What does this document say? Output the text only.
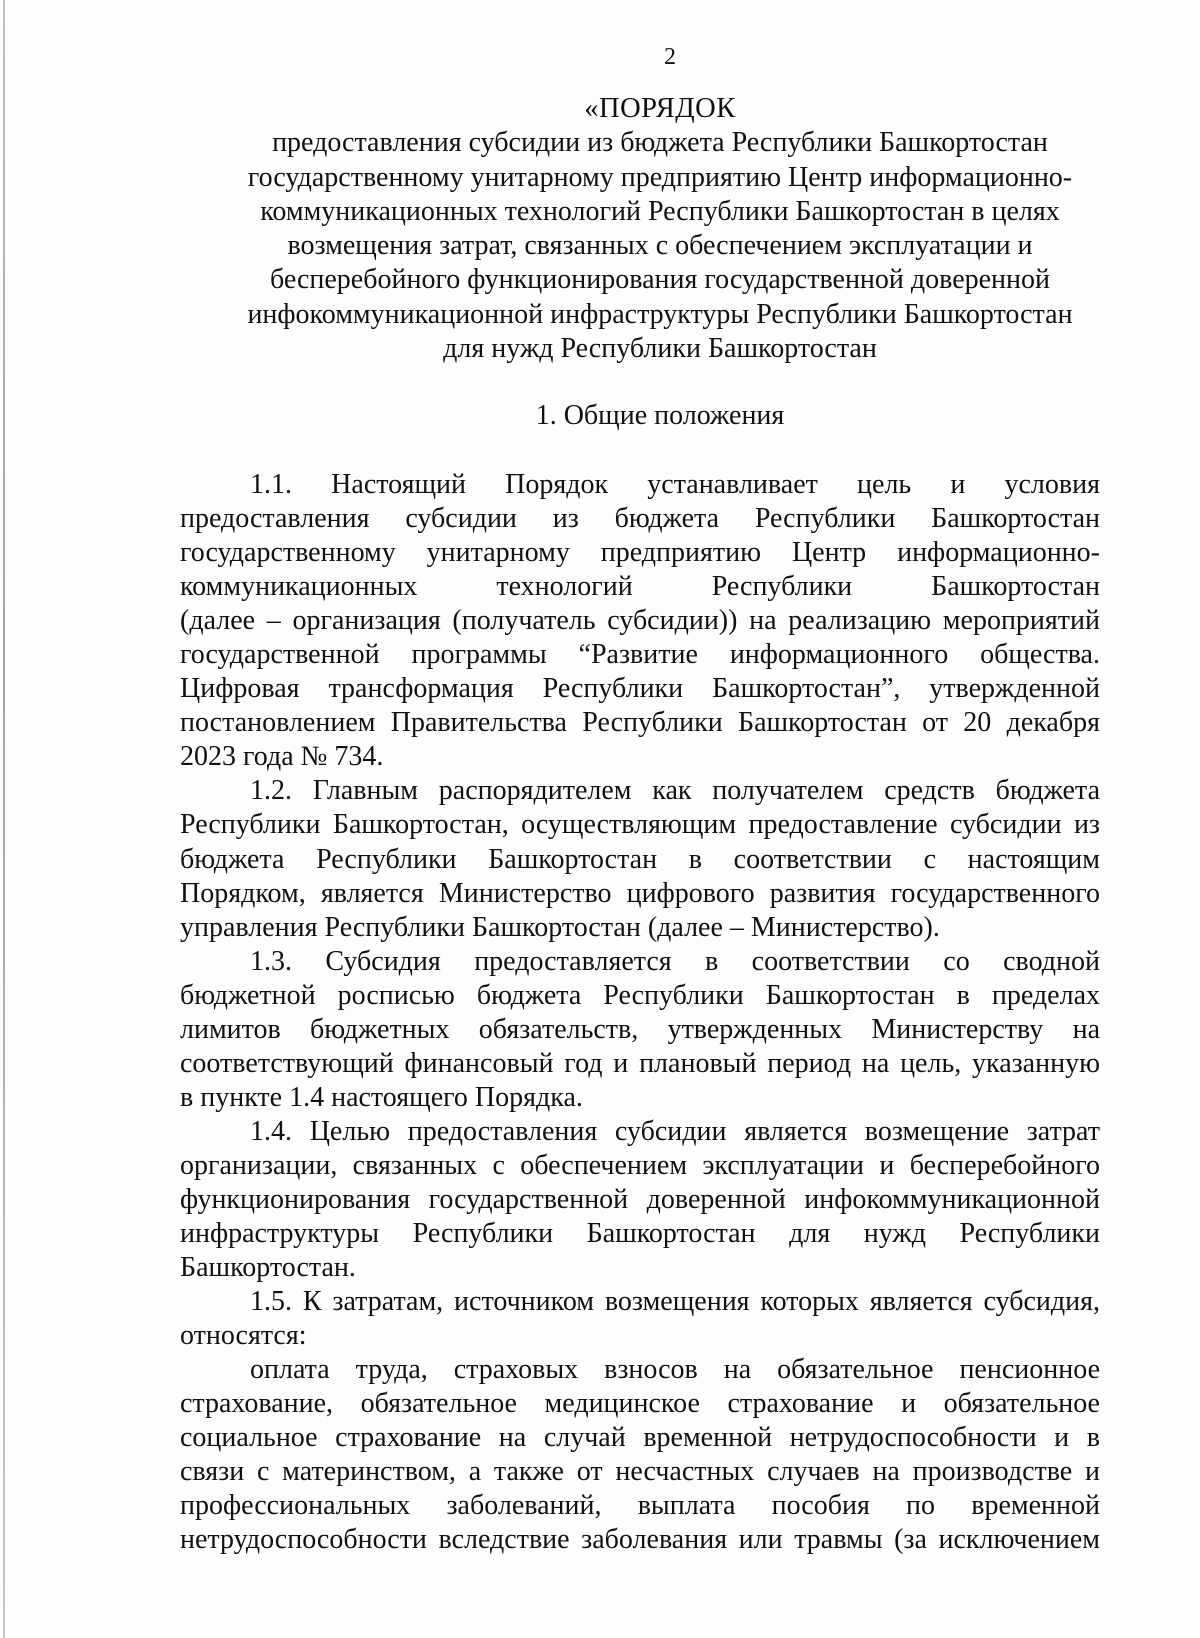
2
«ПОРЯДОК
предоставления субсидии из бюджета Республики Башкортостан
государственному унитарному предприятию Центр информационно-
коммуникационных технологий Республики Башкортостан в целях
возмещения затрат, связанных с обеспечением эксплуатации и
бесперебойного функционирования государственной доверенной
инфокоммуникационной инфраструктуры Республики Башкортостан
для нужд Республики Башкортостан
1. Общие положения
1.1. Настоящий Порядок устанавливает цель и условия
предоставления субсидии из бюджета Республики Башкортостан
государственному унитарному предприятию Центр информационно-
коммуникационных технологий Республики Башкортостан
(далее – организация (получатель субсидии)) на реализацию мероприятий
государственной программы “Развитие информационного общества.
Цифровая трансформация Республики Башкортостан”, утвержденной
постановлением Правительства Республики Башкортостан от 20 декабря
2023 года № 734.
1.2. Главным распорядителем как получателем средств бюджета
Республики Башкортостан, осуществляющим предоставление субсидии из
бюджета Республики Башкортостан в соответствии с настоящим
Порядком, является Министерство цифрового развития государственного
управления Республики Башкортостан (далее – Министерство).
1.3. Субсидия предоставляется в соответствии со сводной
бюджетной росписью бюджета Республики Башкортостан в пределах
лимитов бюджетных обязательств, утвержденных Министерству на
соответствующий финансовый год и плановый период на цель, указанную
в пункте 1.4 настоящего Порядка.
1.4. Целью предоставления субсидии является возмещение затрат
организации, связанных с обеспечением эксплуатации и бесперебойного
функционирования государственной доверенной инфокоммуникационной
инфраструктуры Республики Башкортостан для нужд Республики
Башкортостан.
1.5. К затратам, источником возмещения которых является субсидия,
относятся:
оплата труда, страховых взносов на обязательное пенсионное
страхование, обязательное медицинское страхование и обязательное
социальное страхование на случай временной нетрудоспособности и в
связи с материнством, а также от несчастных случаев на производстве и
профессиональных заболеваний, выплата пособия по временной
нетрудоспособности вследствие заболевания или травмы (за исключением
